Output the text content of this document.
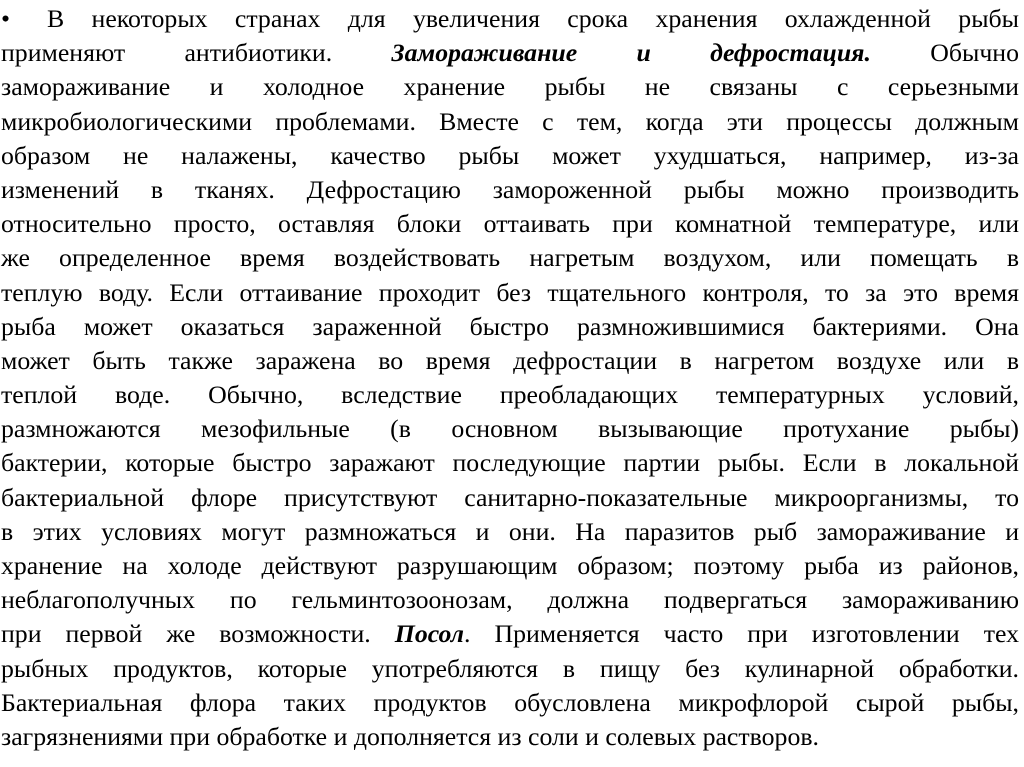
• В некоторых странах для увеличения срока хранения охлажденной рыбы
применяют антибиотики. Замораживание и дефростация. Обычно
замораживание и холодное хранение рыбы не связаны с серьезными
микробиологическими проблемами. Вместе с тем, когда эти процессы должным
образом не налажены, качество рыбы может ухудшаться, например, из-за
изменений в тканях. Дефростацию замороженной рыбы можно производить
относительно просто, оставляя блоки оттаивать при комнатной температуре, или
же определенное время воздействовать нагретым воздухом, или помещать в
теплую воду. Если оттаивание проходит без тщательного контроля, то за это время
рыба может оказаться зараженной быстро размножившимися бактериями. Она
может быть также заражена во время дефростации в нагретом воздухе или в
теплой воде. Обычно, вследствие преобладающих температурных условий,
размножаются мезофильные (в основном вызывающие протухание рыбы)
бактерии, которые быстро заражают последующие партии рыбы. Если в локальной
бактериальной флоре присутствуют санитарно-показательные микроорганизмы, то
в этих условиях могут размножаться и они. На паразитов рыб замораживание и
хранение на холоде действуют разрушающим образом; поэтому рыба из районов,
неблагополучных по гельминтозоонозам, должна подвергаться замораживанию
при первой же возможности. Посол. Применяется часто при изготовлении тех
рыбных продуктов, которые употребляются в пищу без кулинарной обработки.
Бактериальная флора таких продуктов обусловлена микрофлорой сырой рыбы,
загрязнениями при обработке и дополняется из соли и солевых растворов.
